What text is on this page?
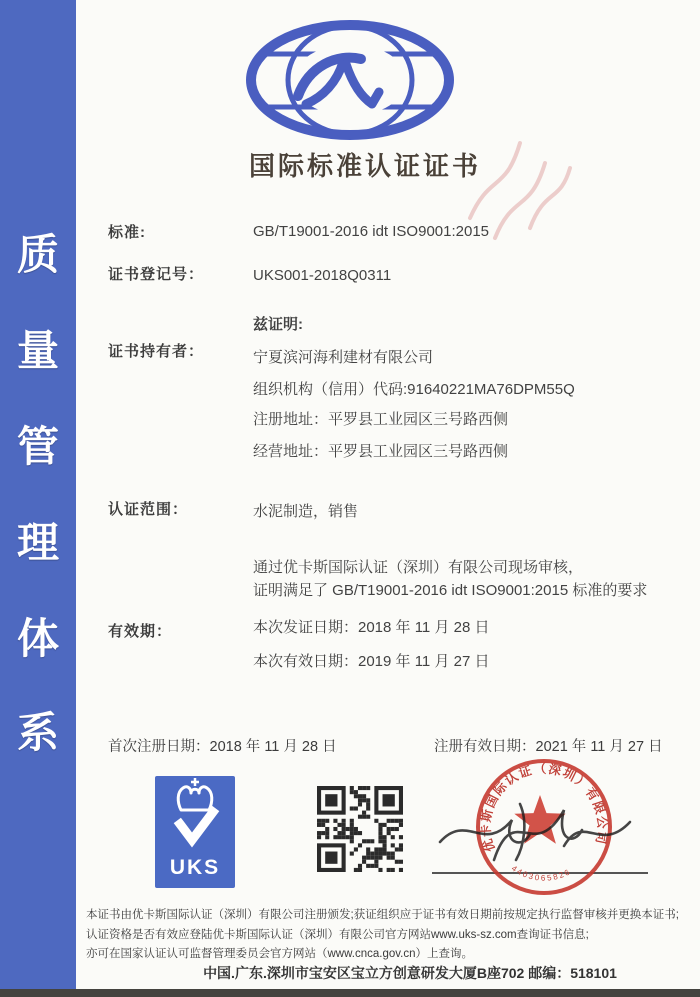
质
量
管
理
体
系
国际标准认证证书
标准:	GB/T19001-2016 idt ISO9001:2015
证书登记号：	UKS001-2018Q0311
兹证明:
证书持有者：	宁夏滨河海利建材有限公司
组织机构（信用）代码:91640221MA76DPM55Q
注册地址：平罗县工业园区三号路西侧
经营地址：平罗县工业园区三号路西侧
认证范围：	水泥制造，销售
通过优卡斯国际认证（深圳）有限公司现场审核，
证明满足了 GB/T19001-2016 idt ISO9001:2015 标准的要求
有效期：	本次发证日期：2018 年 11 月 28 日
本次有效日期：2019 年 11 月 27 日
首次注册日期：2018 年 11 月 28 日	注册有效日期：2021 年 11 月 27 日
UKS
优卡斯国际认证（深圳）有限公司
4403065826
本证书由优卡斯国际认证（深圳）有限公司注册颁发;获证组织应于证书有效日期前按规定执行监督审核并更换本证书;
认证资格是否有效应登陆优卡斯国际认证（深圳）有限公司官方网站www.uks-sz.com查询证书信息;
亦可在国家认证认可监督管理委员会官方网站（www.cnca.gov.cn）上查询。
中国.广东.深圳市宝安区宝立方创意研发大厦B座702 邮编：518101
